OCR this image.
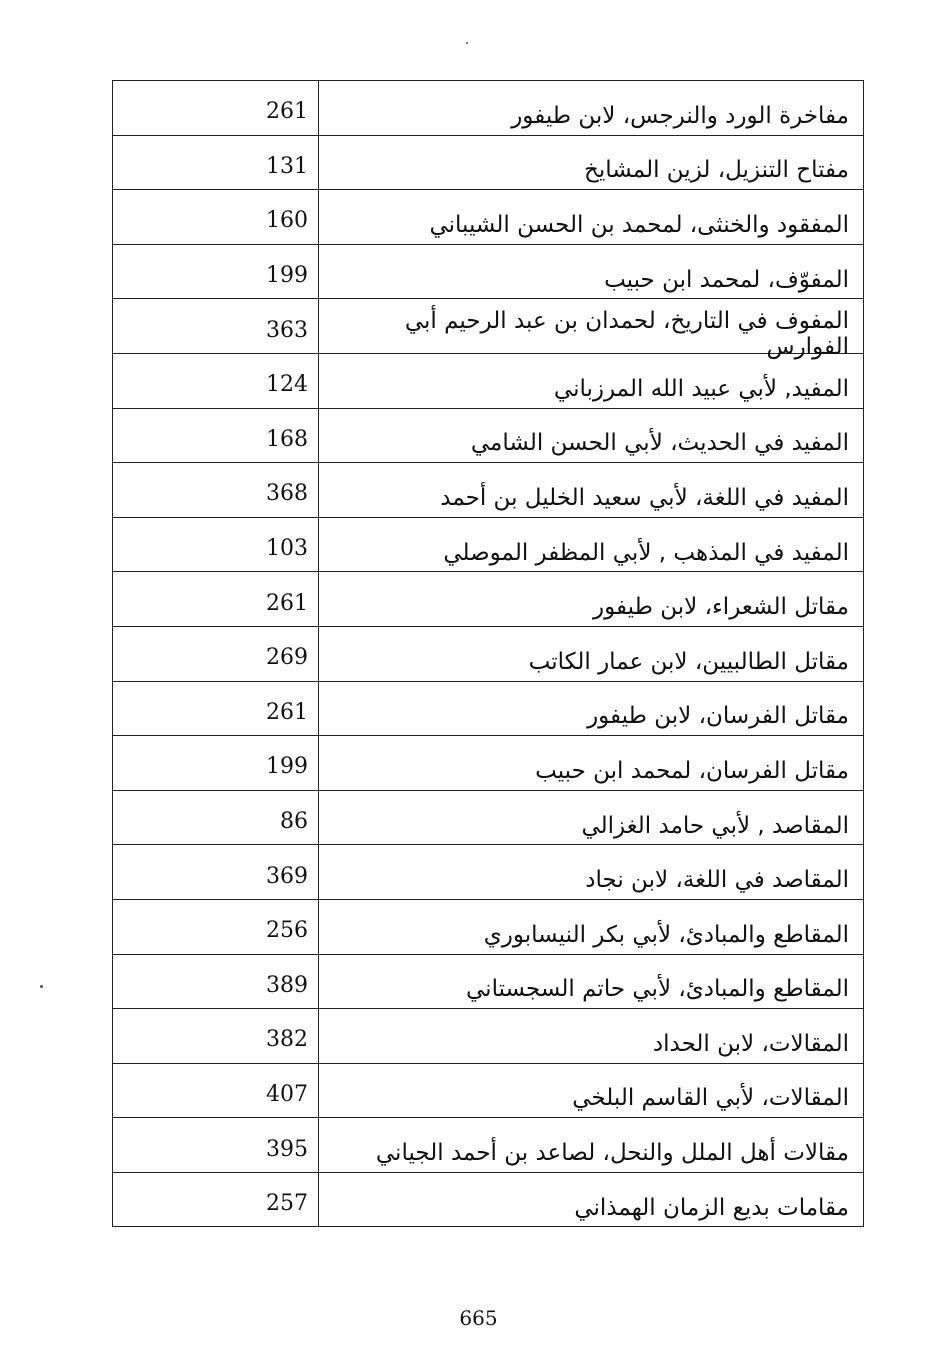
261	مفاخرة الورد والنرجس، لابن طيفور
131	مفتاح التنزيل، لزين المشايخ
160	المفقود والخنثى، لمحمد بن الحسن الشيباني
199	المفوّف، لمحمد ابن حبيب
363	المفوف في التاريخ، لحمدان بن عبد الرحيم أبي الفوارس
124	المفيد, لأبي عبيد الله المرزباني
168	المفيد في الحديث، لأبي الحسن الشامي
368	المفيد في اللغة، لأبي سعيد الخليل بن أحمد
103	المفيد في المذهب , لأبي المظفر الموصلي
261	مقاتل الشعراء، لابن طيفور
269	مقاتل الطالبيين، لابن عمار الكاتب
261	مقاتل الفرسان، لابن طيفور
199	مقاتل الفرسان، لمحمد ابن حبيب
86	المقاصد , لأبي حامد الغزالي
369	المقاصد في اللغة، لابن نجاد
256	المقاطع والمبادئ، لأبي بكر النيسابوري
389	المقاطع والمبادئ، لأبي حاتم السجستاني
382	المقالات، لابن الحداد
407	المقالات، لأبي القاسم البلخي
395	مقالات أهل الملل والنحل، لصاعد بن أحمد الجياني
257	مقامات بديع الزمان الهمذاني
665
